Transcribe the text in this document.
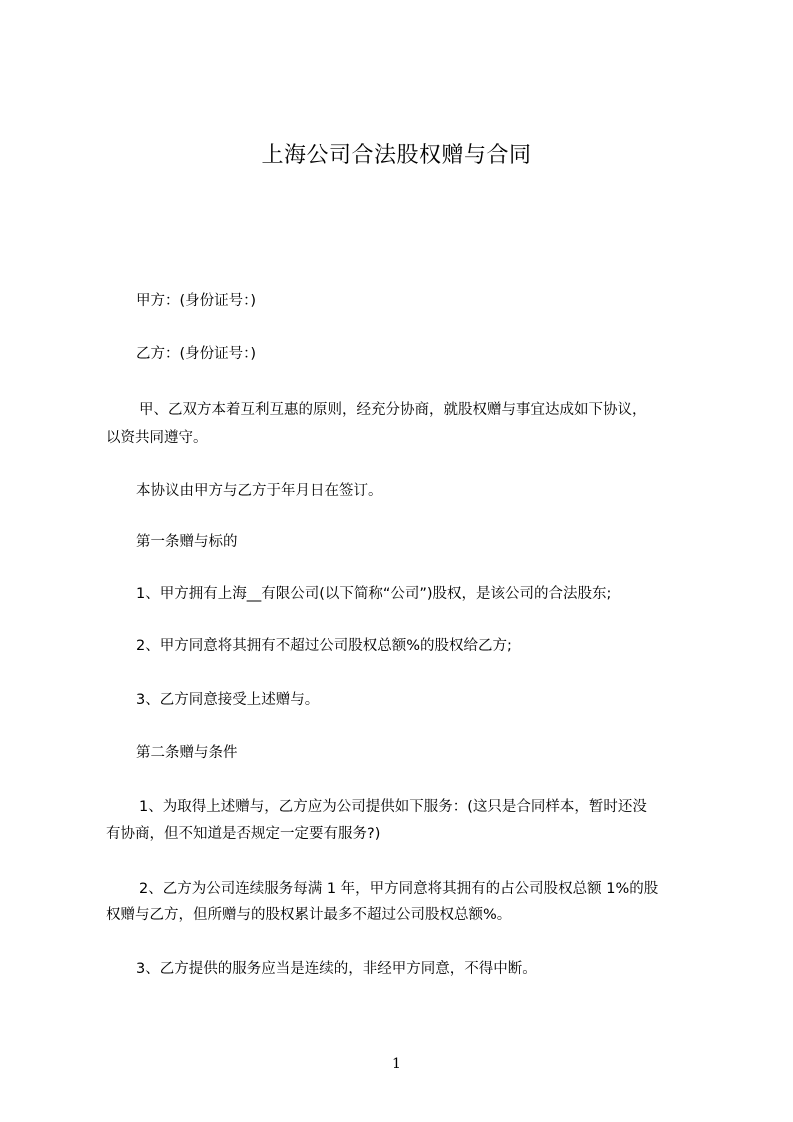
上海公司合法股权赠与合同
甲方：(身份证号：)
乙方：(身份证号：)
甲、乙双方本着互利互惠的原则，经充分协商，就股权赠与事宜达成如下协议，
以资共同遵守。
本协议由甲方与乙方于年月日在签订。
第一条赠与标的
1、甲方拥有上海__有限公司(以下简称“公司”)股权，是该公司的合法股东;
2、甲方同意将其拥有不超过公司股权总额%的股权给乙方;
3、乙方同意接受上述赠与。
第二条赠与条件
1、为取得上述赠与，乙方应为公司提供如下服务：(这只是合同样本，暂时还没
有协商，但不知道是否规定一定要有服务?)
2、乙方为公司连续服务每满 1 年，甲方同意将其拥有的占公司股权总额 1%的股
权赠与乙方，但所赠与的股权累计最多不超过公司股权总额%。
3、乙方提供的服务应当是连续的，非经甲方同意，不得中断。
1
